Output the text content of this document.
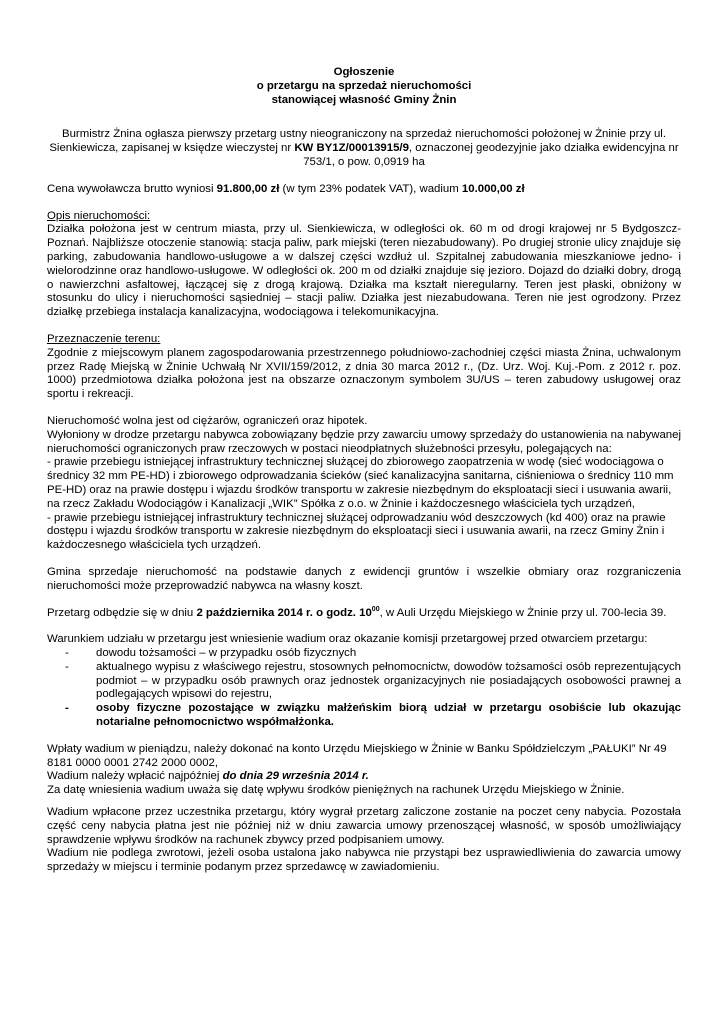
Ogłoszenie

o przetargu na sprzedaż nieruchomości

stanowiącej własność Gminy Żnin

Burmistrz Żnina ogłasza pierwszy przetarg ustny nieograniczony na sprzedaż nieruchomości położonej w Żninie przy ul. Sienkiewicza, zapisanej w księdze wieczystej nr KW BY1Z/00013915/9, oznaczonej geodezyjnie jako działka ewidencyjna nr 753/1, o pow. 0,0919 ha

Cena wywoławcza brutto wyniosi 91.800,00 zł (w tym 23% podatek VAT), wadium 10.000,00 zł

Opis nieruchomości:

Działka położona jest w centrum miasta, przy ul. Sienkiewicza, w odległości ok. 60 m od drogi krajowej nr 5 Bydgoszcz-Poznań. Najbliższe otoczenie stanowią: stacja paliw, park miejski (teren niezabudowany). Po drugiej stronie ulicy znajduje się parking, zabudowania handlowo-usługowe a w dalszej części wzdłuż ul. Szpitalnej zabudowania mieszkaniowe jedno- i wielorodzinne oraz handlowo-usługowe. W odległości ok. 200 m od działki znajduje się jezioro. Dojazd do działki dobry, drogą o nawierzchni asfaltowej, łączącej się z drogą krajową. Działka ma kształt nieregularny. Teren jest płaski, obniżony w stosunku do ulicy i nieruchomości sąsiedniej – stacji paliw. Działka jest niezabudowana. Teren nie jest ogrodzony. Przez działkę przebiega instalacja kanalizacyjna, wodociągowa i telekomunikacyjna.

Przeznaczenie terenu:

Zgodnie z miejscowym planem zagospodarowania przestrzennego południowo-zachodniej części miasta Żnina, uchwalonym przez Radę Miejską w Żninie Uchwałą Nr XVII/159/2012, z dnia 30 marca 2012 r., (Dz. Urz. Woj. Kuj.-Pom. z 2012 r. poz. 1000) przedmiotowa działka położona jest na obszarze oznaczonym symbolem 3U/US – teren zabudowy usługowej oraz sportu i rekreacji.

Nieruchomość wolna jest od ciężarów, ograniczeń oraz hipotek.

Wyłoniony w drodze przetargu nabywca zobowiązany będzie przy zawarciu umowy sprzedaży do ustanowienia na nabywanej nieruchomości ograniczonych praw rzeczowych w postaci nieodpłatnych służebności przesyłu, polegających na:

- prawie przebiegu istniejącej infrastruktury technicznej służącej do zbiorowego zaopatrzenia w wodę (sieć wodociągowa o średnicy 32 mm PE-HD) i zbiorowego odprowadzania ścieków (sieć kanalizacyjna sanitarna, ciśnieniowa o średnicy 110 mm PE-HD) oraz na prawie dostępu i wjazdu środków transportu w zakresie niezbędnym do eksploatacji sieci i usuwania awarii, na rzecz Zakładu Wodociągów i Kanalizacji „WIK” Spółka z o.o. w Żninie i każdoczesnego właściciela tych urządzeń,

- prawie przebiegu istniejącej infrastruktury technicznej służącej odprowadzaniu wód deszczowych (kd 400) oraz na prawie dostępu i wjazdu środków transportu w zakresie niezbędnym do eksploatacji sieci i usuwania awarii, na rzecz Gminy Żnin i każdoczesnego właściciela tych urządzeń.

Gmina sprzedaje nieruchomość na podstawie danych z ewidencji gruntów i wszelkie obmiary oraz rozgraniczenia nieruchomości może przeprowadzić nabywca na własny koszt.

Przetarg odbędzie się w dniu 2 października 2014 r. o godz. $10^{00}$, w Auli Urzędu Miejskiego w Żninie przy ul. 700-lecia 39.

Warunkiem udziału w przetargu jest wniesienie wadium oraz okazanie komisji przetargowej przed otwarciem przetargu:

- dowodu tożsamości – w przypadku osób fizycznych
- aktualnego wypisu z właściwego rejestru, stosownych pełnomocnictw, dowodów tożsamości osób reprezentujących podmiot – w przypadku osób prawnych oraz jednostek organizacyjnych nie posiadających osobowości prawnej a podlegających wpisowi do rejestru,
- osoby fizyczne pozostające w związku małżeńskim biorą udział w przetargu osobiście lub okazując notarialne pełnomocnictwo współmałżonka.

Wpłaty wadium w pieniądzu, należy dokonać na konto Urzędu Miejskiego w Żninie w Banku Spółdzielczym „PAŁUKI” Nr 49 8181 0000 0001 2742 2000 0002,

Wadium należy wpłacić najpóźniej do dnia 29 września 2014 r.

Za datę wniesienia wadium uważa się datę wpływu środków pieniężnych na rachunek Urzędu Miejskiego w Żninie.

Wadium wpłacone przez uczestnika przetargu, który wygrał przetarg zaliczone zostanie na poczet ceny nabycia. Pozostała część ceny nabycia płatna jest nie później niż w dniu zawarcia umowy przenoszącej własność, w sposób umożliwiający sprawdzenie wpływu środków na rachunek zbywcy przed podpisaniem umowy.

Wadium nie podlega zwrotowi, jeżeli osoba ustalona jako nabywca nie przystąpi bez usprawiedliwienia do zawarcia umowy sprzedaży w miejscu i terminie podanym przez sprzedawcę w zawiadomieniu.
